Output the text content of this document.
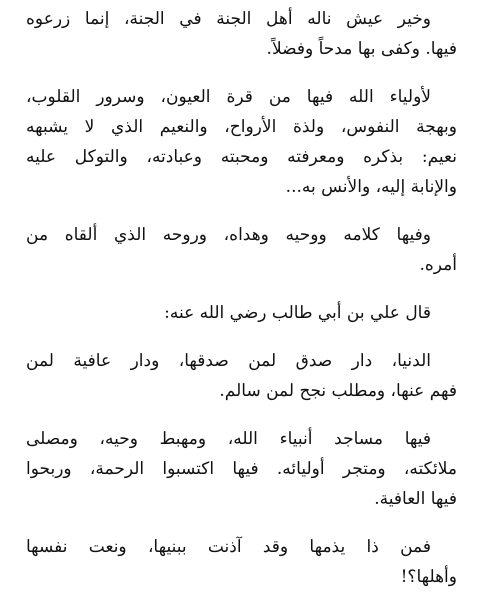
وخير عيش ناله أهل الجنة في الجنة، إنما زرعوه
فيها. وكفى بها مدحاً وفضلاً.

لأولياء الله فيها من قرة العيون، وسرور القلوب،
وبهجة النفوس، ولذة الأرواح، والنعيم الذي لا يشبهه
نعيم: بذكره ومعرفته ومحبته وعبادته، والتوكل عليه
والإنابة إليه، والأنس به...

وفيها كلامه ووحيه وهداه، وروحه الذي ألقاه من
أمره.

قال علي بن أبي طالب رضي الله عنه:

الدنيا، دار صدق لمن صدقها، ودار عافية لمن
فهم عنها، ومطلب نجح لمن سالم.

فيها مساجد أنبياء الله، ومهبط وحيه، ومصلى
ملائكته، ومتجر أوليائه. فيها اكتسبوا الرحمة، وربحوا
فيها العافية.

فمن ذا يذمها وقد آذنت ببنيها، ونعت نفسها
وأهلها؟!
